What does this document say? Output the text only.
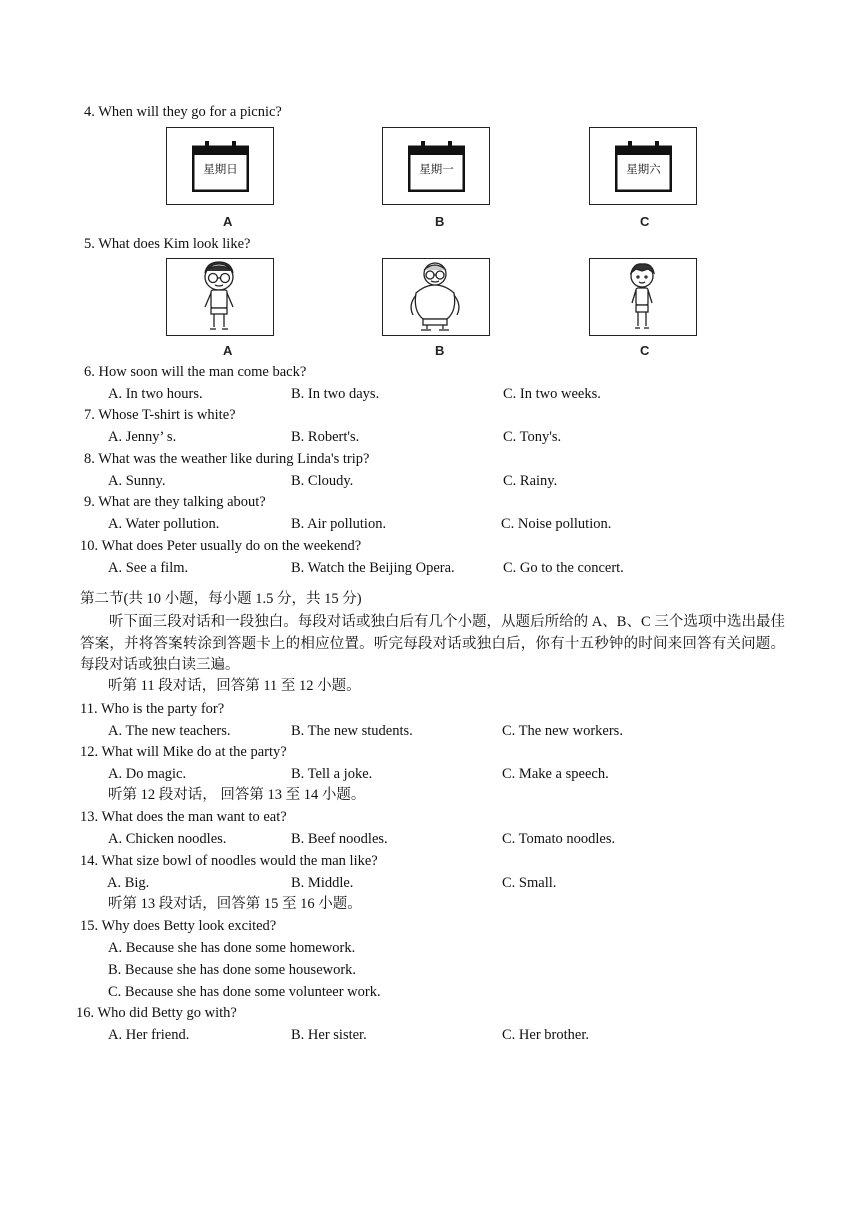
4. When will they go for a picnic?
星期日
A
星期一
B
星期六
C
5. What does Kim look like?
A	B	C
6. How soon will the man come back?
A. In two hours.	B. In two days.	C. In two weeks.
7. Whose T-shirt is white?
A. Jenny’ s.	B. Robert's.	C. Tony's.
8. What was the weather like during Linda's trip?
A. Sunny.	B. Cloudy.	C. Rainy.
9. What are they talking about?
A. Water pollution.	B. Air pollution.	C. Noise pollution.
10. What does Peter usually do on the weekend?
A. See a film.	B. Watch the Beijing Opera.	C. Go to the concert.
第二节(共 10 小题，每小题 1.5 分，共 15 分)
听下面三段对话和一段独白。每段对话或独白后有几个小题，从题后所给的 A、B、C 三个选项中选出最佳答案，并将答案转涂到答题卡上的相应位置。听完每段对话或独白后，你有十五秒钟的时间来回答有关问题。每段对话或独白读三遍。
听第 11 段对话，回答第 11 至 12 小题。
11. Who is the party for?
A. The new teachers.	B. The new students.	C. The new workers.
12. What will Mike do at the party?
A. Do magic.	B. Tell a joke.	C. Make a speech.
听第 12 段对话， 回答第 13 至 14 小题。
13. What does the man want to eat?
A. Chicken noodles.	B. Beef noodles.	C. Tomato noodles.
14. What size bowl of noodles would the man like?
A. Big.	B. Middle.	C. Small.
听第 13 段对话，回答第 15 至 16 小题。
15. Why does Betty look excited?
A. Because she has done some homework.
B. Because she has done some housework.
C. Because she has done some volunteer work.
16. Who did Betty go with?
A. Her friend.	B. Her sister.	C. Her brother.
